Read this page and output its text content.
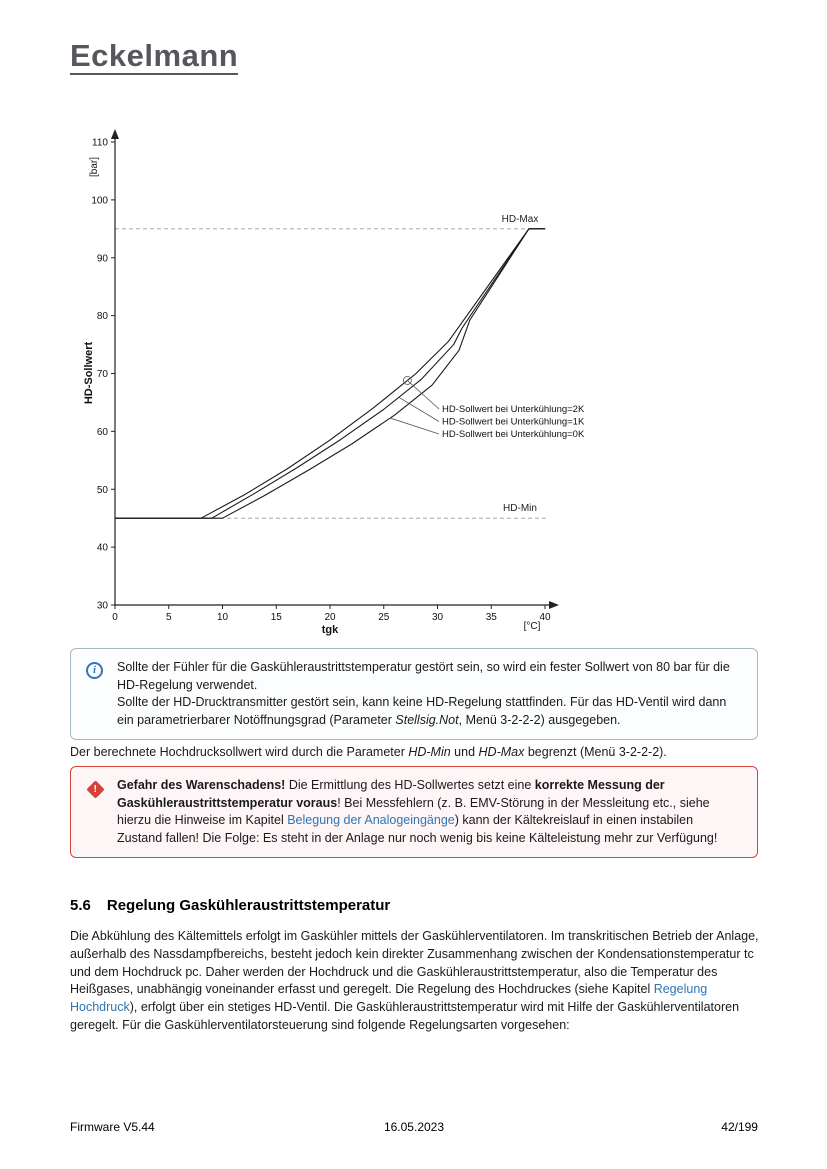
Eckelmann
HD-Max
HD-Min
30
40
50
60
70
80
90
100
110
0	5	10	15	20	25	30	35	40
HD-Sollwert
[bar]
tgk	[°C]
HD-Sollwert bei Unterkühlung=2K
HD-Sollwert bei Unterkühlung=1K
HD-Sollwert bei Unterkühlung=0K
i	Sollte der Fühler für die Gaskühleraustrittstemperatur gestört sein, so wird ein fester Sollwert von 80 bar für die HD-Regelung verwendet.
Sollte der HD-Drucktransmitter gestört sein, kann keine HD-Regelung stattfinden. Für das HD-Ventil wird dann ein parametrierbarer Notöffnungsgrad (Parameter Stellsig.Not, Menü 3-2-2-2) ausgegeben.

Der berechnete Hochdrucksollwert wird durch die Parameter HD-Min und HD-Max begrenzt (Menü 3-2-2-2).

! Gefahr des Warenschadens! Die Ermittlung des HD-Sollwertes setzt eine korrekte Messung der Gaskühleraustrittstemperatur voraus! Bei Messfehlern (z. B. EMV-Störung in der Messleitung etc., siehe hierzu die Hinweise im Kapitel Belegung der Analogeingänge) kann der Kältekreislauf in einen instabilen Zustand fallen! Die Folge: Es steht in der Anlage nur noch wenig bis keine Kälteleistung mehr zur Verfügung!

5.6 Regelung Gaskühleraustrittstemperatur

Die Abkühlung des Kältemittels erfolgt im Gaskühler mittels der Gaskühlerventilatoren. Im transkritischen Betrieb der Anlage, außerhalb des Nassdampfbereichs, besteht jedoch kein direkter Zusammenhang zwischen der Kondensationstemperatur tc und dem Hochdruck pc. Daher werden der Hochdruck und die Gaskühleraustrittstemperatur, also die Temperatur des Heißgases, unabhängig voneinander erfasst und geregelt. Die Regelung des Hochdruckes (siehe Kapitel Regelung Hochdruck), erfolgt über ein stetiges HD-Ventil. Die Gaskühleraustrittstemperatur wird mit Hilfe der Gaskühlerventilatoren geregelt. Für die Gaskühlerventilatorsteuerung sind folgende Regelungsarten vorgesehen:

Firmware V5.44	16.05.2023	42/199
